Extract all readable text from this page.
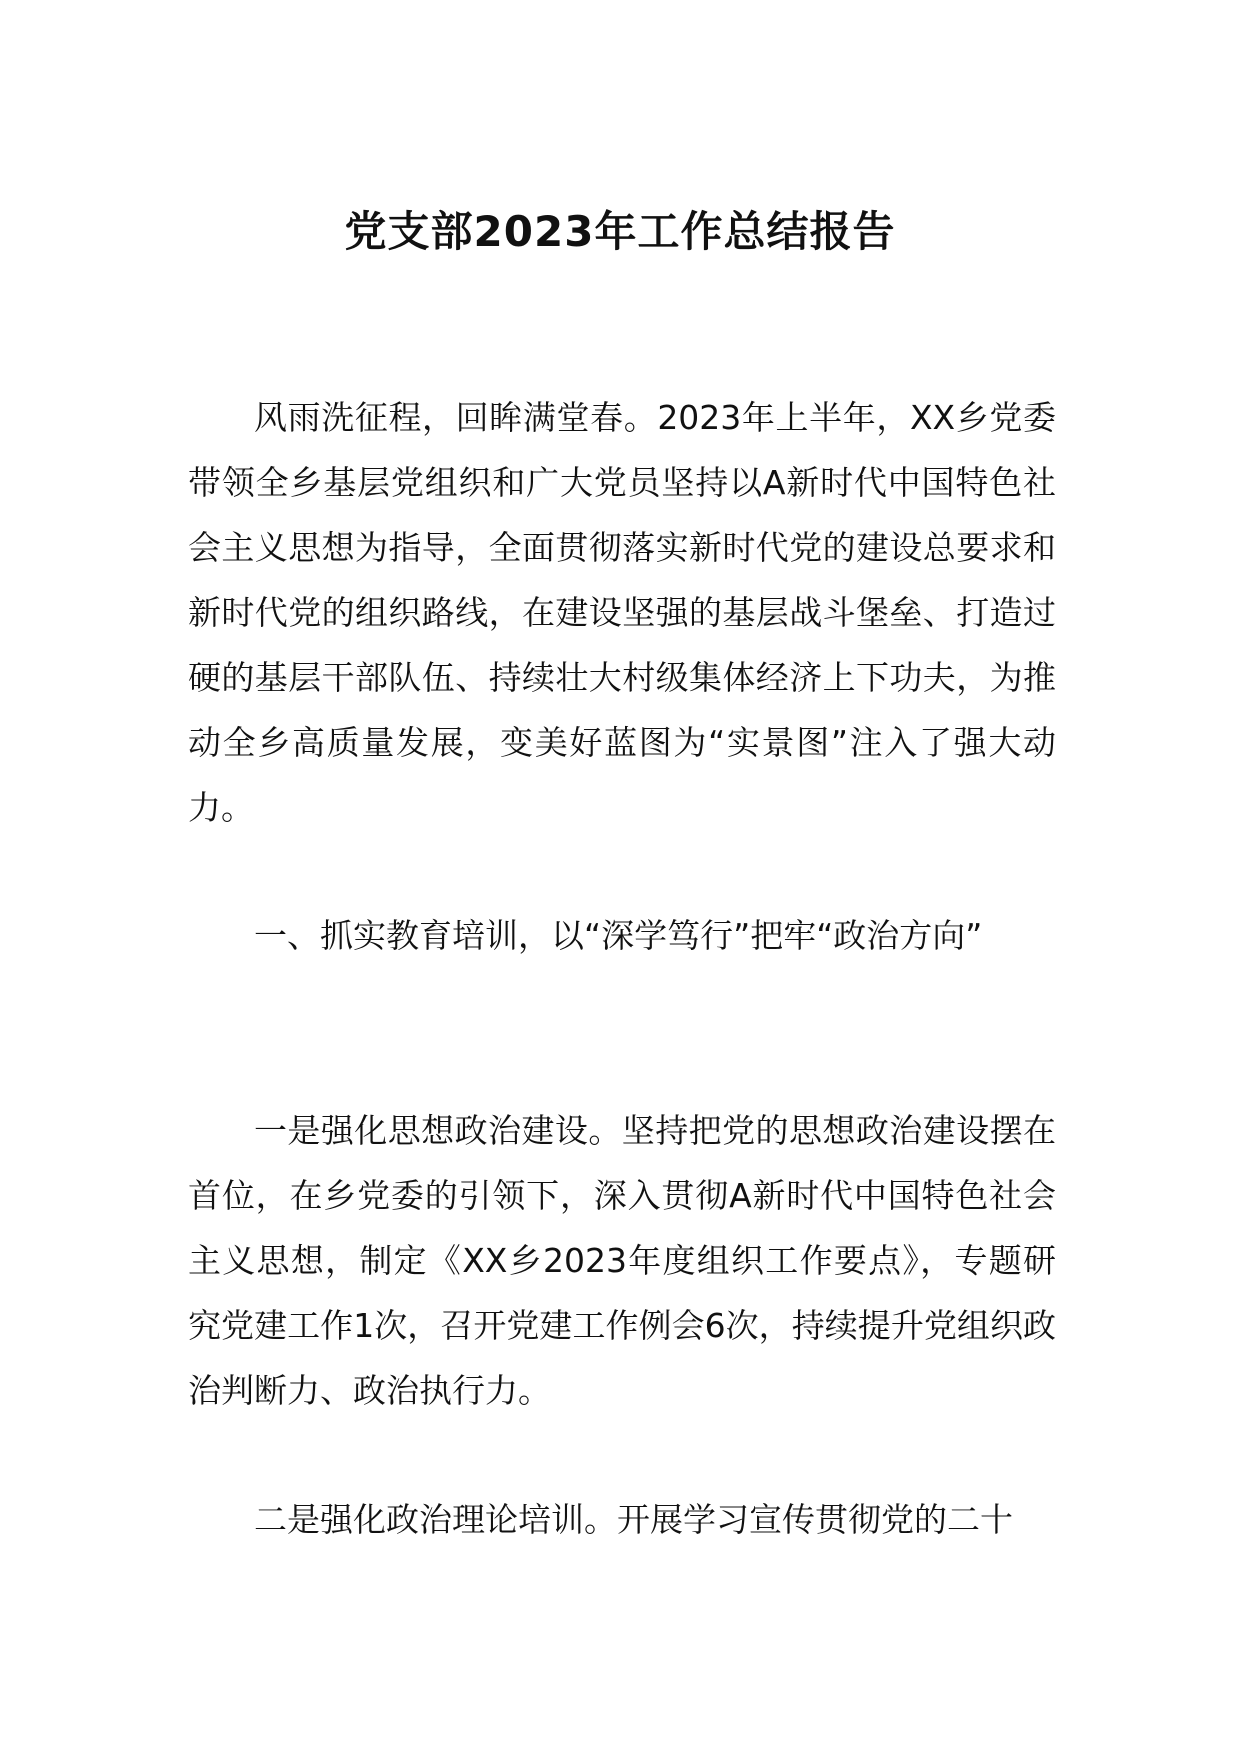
党支部2023年工作总结报告

风雨洗征程，回眸满堂春。2023年上半年，XX乡党委带领全乡基层党组织和广大党员坚持以A新时代中国特色社会主义思想为指导，全面贯彻落实新时代党的建设总要求和新时代党的组织路线，在建设坚强的基层战斗堡垒、打造过硬的基层干部队伍、持续壮大村级集体经济上下功夫，为推动全乡高质量发展，变美好蓝图为“实景图”注入了强大动力。

一、抓实教育培训，以“深学笃行”把牢“政治方向”

一是强化思想政治建设。坚持把党的思想政治建设摆在首位，在乡党委的引领下，深入贯彻A新时代中国特色社会主义思想，制定《XX乡2023年度组织工作要点》，专题研究党建工作1次，召开党建工作例会6次，持续提升党组织政治判断力、政治执行力。

二是强化政治理论培训。开展学习宣传贯彻党的二十
